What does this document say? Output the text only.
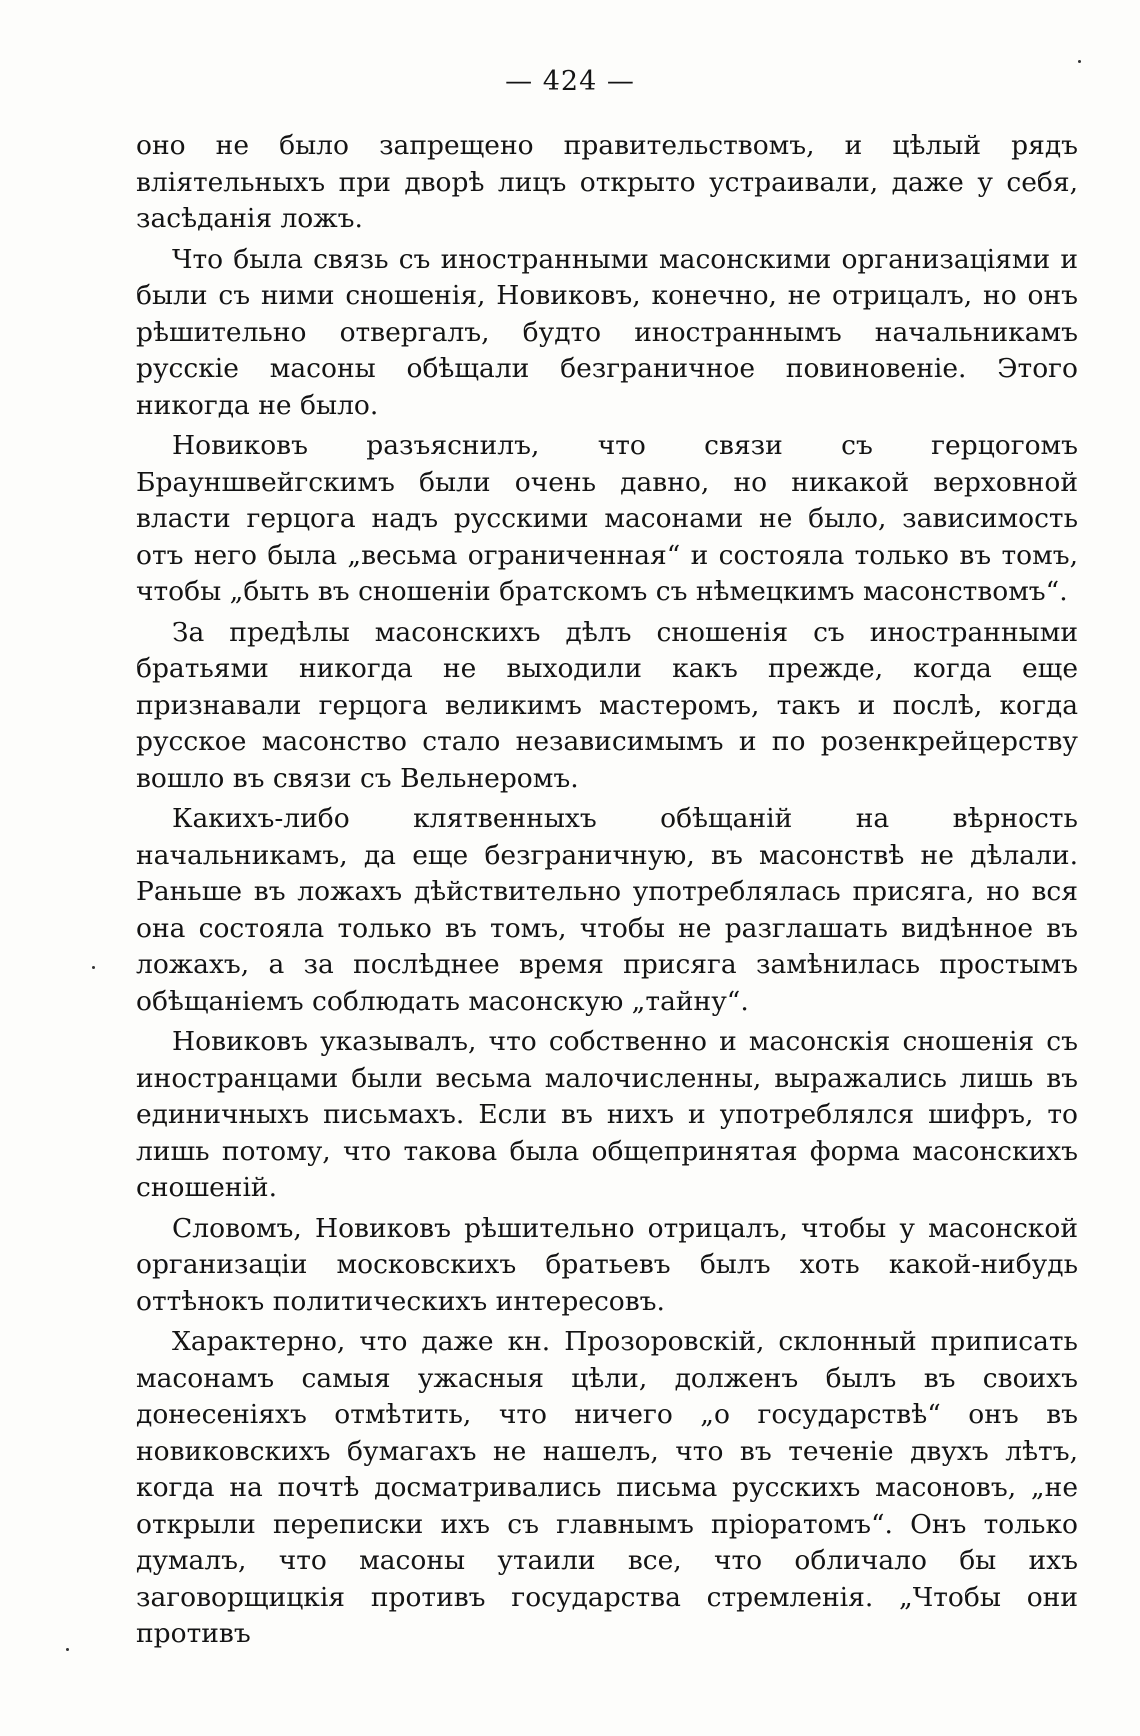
— 424 —

оно не было запрещено правительствомъ, и цѣлый рядъ вліятельныхъ при дворѣ лицъ открыто устраивали, даже у себя, засѣданія ложъ.

Что была связь съ иностранными масонскими организаціями и были съ ними сношенія, Новиковъ, конечно, не отрицалъ, но онъ рѣшительно отвергалъ, будто иностраннымъ начальникамъ русскіе масоны обѣщали безграничное повиновеніе. Этого никогда не было.

Новиковъ разъяснилъ, что связи съ герцогомъ Брауншвейгскимъ были очень давно, но никакой верховной власти герцога надъ русскими масонами не было, зависимость отъ него была „весьма ограниченная“ и состояла только въ томъ, чтобы „быть въ сношеніи братскомъ съ нѣмецкимъ масонствомъ“.

За предѣлы масонскихъ дѣлъ сношенія съ иностранными братьями никогда не выходили какъ прежде, когда еще признавали герцога великимъ мастеромъ, такъ и послѣ, когда русское масонство стало независимымъ и по розенкрейцерству вошло въ связи съ Вельнеромъ.

Какихъ-либо клятвенныхъ обѣщаній на вѣрность начальникамъ, да еще безграничную, въ масонствѣ не дѣлали. Раньше въ ложахъ дѣйствительно употреблялась присяга, но вся она состояла только въ томъ, чтобы не разглашать видѣнное въ ложахъ, а за послѣднее время присяга замѣнилась простымъ обѣщаніемъ соблюдать масонскую „тайну“.

Новиковъ указывалъ, что собственно и масонскія сношенія съ иностранцами были весьма малочисленны, выражались лишь въ единичныхъ письмахъ. Если въ нихъ и употреблялся шифръ, то лишь потому, что такова была общепринятая форма масонскихъ сношеній.

Словомъ, Новиковъ рѣшительно отрицалъ, чтобы у масонской организаціи московскихъ братьевъ былъ хоть какой-нибудь оттѣнокъ политическихъ интересовъ.

Характерно, что даже кн. Прозоровскій, склонный приписать масонамъ самыя ужасныя цѣли, долженъ былъ въ своихъ донесеніяхъ отмѣтить, что ничего „о государствѣ“ онъ въ новиковскихъ бумагахъ не нашелъ, что въ теченіе двухъ лѣтъ, когда на почтѣ досматривались письма русскихъ масоновъ, „не открыли переписки ихъ съ главнымъ пріоратомъ“. Онъ только думалъ, что масоны утаили все, что обличало бы ихъ заговорщицкія противъ государства стремленія. „Чтобы они противъ
